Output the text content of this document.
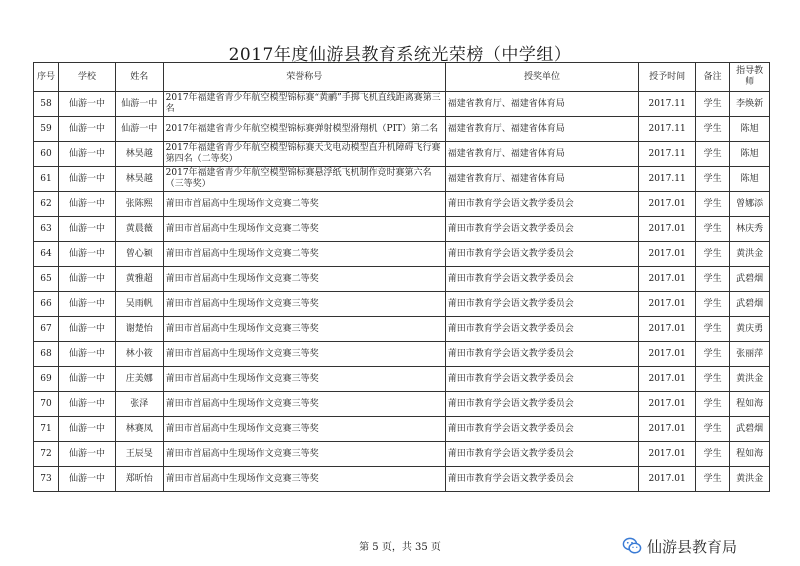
2017年度仙游县教育系统光荣榜（中学组）
序号	学校	姓名	荣誉称号	授奖单位	授予时间	备注	指导教师
58	仙游一中	仙游一中	2017年福建省青少年航空模型锦标赛“黄鹂”手掷飞机直线距离赛第三名	福建省教育厅、福建省体育局	2017.11	学生	李焕新
59	仙游一中	仙游一中	2017年福建省青少年航空模型锦标赛弹射模型滑翔机（PIT）第二名	福建省教育厅、福建省体育局	2017.11	学生	陈旭
60	仙游一中	林昊越	2017年福建省青少年航空模型锦标赛天戈电动模型直升机障碍飞行赛第四名（二等奖）	福建省教育厅、福建省体育局	2017.11	学生	陈旭
61	仙游一中	林昊越	2017年福建省青少年航空模型锦标赛悬浮纸飞机制作竞时赛第六名（三等奖）	福建省教育厅、福建省体育局	2017.11	学生	陈旭
62	仙游一中	张陈熙	莆田市首届高中生现场作文竞赛二等奖	莆田市教育学会语文教学委员会	2017.01	学生	曾娜添
63	仙游一中	黄晨薇	莆田市首届高中生现场作文竞赛二等奖	莆田市教育学会语文教学委员会	2017.01	学生	林庆秀
64	仙游一中	曾心颖	莆田市首届高中生现场作文竞赛二等奖	莆田市教育学会语文教学委员会	2017.01	学生	黄洪金
65	仙游一中	黄雅超	莆田市首届高中生现场作文竞赛二等奖	莆田市教育学会语文教学委员会	2017.01	学生	武碧烟
66	仙游一中	吴雨帆	莆田市首届高中生现场作文竞赛三等奖	莆田市教育学会语文教学委员会	2017.01	学生	武碧烟
67	仙游一中	谢楚怡	莆田市首届高中生现场作文竞赛三等奖	莆田市教育学会语文教学委员会	2017.01	学生	黄庆勇
68	仙游一中	林小筱	莆田市首届高中生现场作文竞赛三等奖	莆田市教育学会语文教学委员会	2017.01	学生	张丽萍
69	仙游一中	庄美娜	莆田市首届高中生现场作文竞赛三等奖	莆田市教育学会语文教学委员会	2017.01	学生	黄洪金
70	仙游一中	张泽	莆田市首届高中生现场作文竞赛三等奖	莆田市教育学会语文教学委员会	2017.01	学生	程如海
71	仙游一中	林赛凤	莆田市首届高中生现场作文竞赛三等奖	莆田市教育学会语文教学委员会	2017.01	学生	武碧烟
72	仙游一中	王辰旻	莆田市首届高中生现场作文竞赛三等奖	莆田市教育学会语文教学委员会	2017.01	学生	程如海
73	仙游一中	郑昕怡	莆田市首届高中生现场作文竞赛三等奖	莆田市教育学会语文教学委员会	2017.01	学生	黄洪金
第 5 页，共 35 页	仙游县教育局
